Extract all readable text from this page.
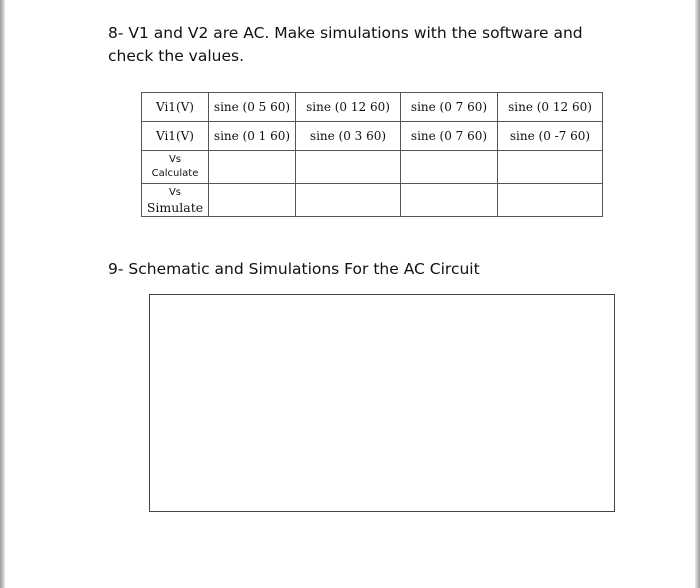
8- V1 and V2 are AC. Make simulations with the software and check the values.

Vi1(V)	sine (0 5 60)	sine (0 12 60)	sine (0 7 60)	sine (0 12 60)
Vi1(V)	sine (0 1 60)	sine (0 3 60)	sine (0 7 60)	sine (0 -7 60)

Vs
Calculate				

Vs
Simulate				

9- Schematic and Simulations For the AC Circuit
